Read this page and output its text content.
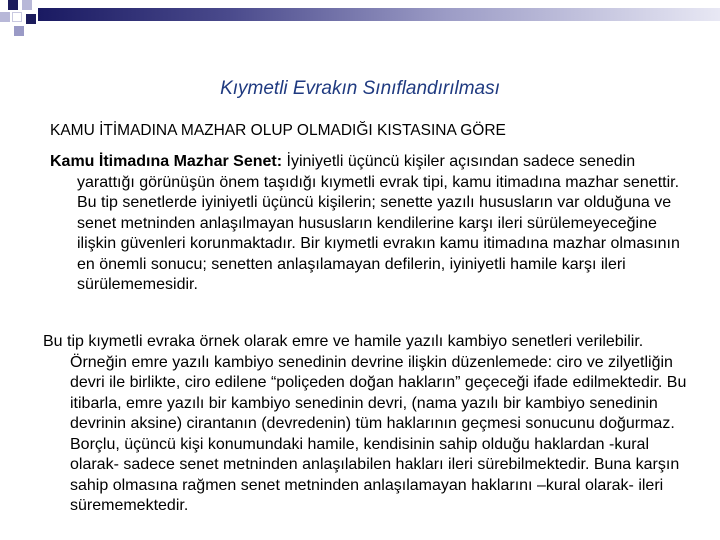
Kıymetli Evrakın Sınıflandırılması
KAMU İTİMADINA MAZHAR OLUP OLMADIĞI KISTASINA GÖRE

Kamu İtimadına Mazhar Senet: İyiniyetli üçüncü kişiler açısından sadece senedin yarattığı görünüşün önem taşıdığı kıymetli evrak tipi, kamu itimadına mazhar senettir. Bu tip senetlerde iyiniyetli üçüncü kişilerin; senette yazılı hususların var olduğuna ve senet metninden anlaşılmayan hususların kendilerine karşı ileri sürülemeyeceğine ilişkin güvenleri korunmaktadır. Bir kıymetli evrakın kamu itimadına mazhar olmasının en önemli sonucu; senetten anlaşılamayan defilerin, iyiniyetli hamile karşı ileri sürülememesidir.

Bu tip kıymetli evraka örnek olarak emre ve hamile yazılı kambiyo senetleri verilebilir. Örneğin emre yazılı kambiyo senedinin devrine ilişkin düzenlemede: ciro ve zilyetliğin devri ile birlikte, ciro edilene “poliçeden doğan hakların” geçeceği ifade edilmektedir. Bu itibarla, emre yazılı bir kambiyo senedinin devri, (nama yazılı bir kambiyo senedinin devrinin aksine) cirantanın (devredenin) tüm haklarının geçmesi sonucunu doğurmaz. Borçlu, üçüncü kişi konumundaki hamile, kendisinin sahip olduğu haklardan -kural olarak- sadece senet metninden anlaşılabilen hakları ileri sürebilmektedir. Buna karşın sahip olmasına rağmen senet metninden anlaşılamayan haklarını –kural olarak- ileri sürememektedir.
